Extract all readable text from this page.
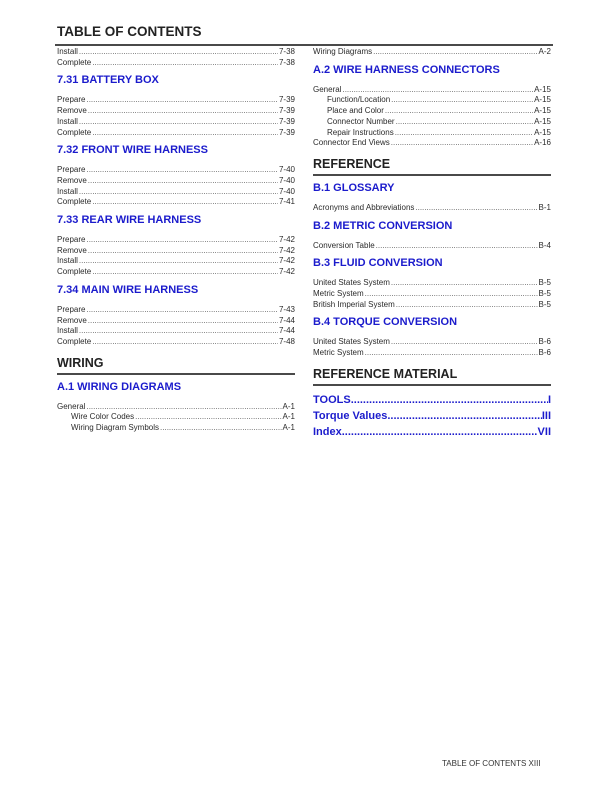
TABLE OF CONTENTS
Install .....	7-38
Complete .....	7-38
7.31 BATTERY BOX
Prepare .....	7-39
Remove .....	7-39
Install .....	7-39
Complete .....	7-39
7.32 FRONT WIRE HARNESS
Prepare .....	7-40
Remove .....	7-40
Install .....	7-40
Complete .....	7-41
7.33 REAR WIRE HARNESS
Prepare .....	7-42
Remove .....	7-42
Install .....	7-42
Complete .....	7-42
7.34 MAIN WIRE HARNESS
Prepare .....	7-43
Remove .....	7-44
Install .....	7-44
Complete .....	7-48
WIRING
A.1 WIRING DIAGRAMS
General .....	A-1
Wire Color Codes .....	A-1
Wiring Diagram Symbols .....	A-1
Wiring Diagrams .....	A-2
A.2 WIRE HARNESS CONNECTORS
General .....	A-15
Function/Location .....	A-15
Place and Color .....	A-15
Connector Number .....	A-15
Repair Instructions .....	A-15
Connector End Views .....	A-16
REFERENCE
B.1 GLOSSARY
Acronyms and Abbreviations .....	B-1
B.2 METRIC CONVERSION
Conversion Table .....	B-4
B.3 FLUID CONVERSION
United States System .....	B-5
Metric System .....	B-5
British Imperial System .....	B-5
B.4 TORQUE CONVERSION
United States System .....	B-6
Metric System .....	B-6
REFERENCE MATERIAL
TOOLS .....	I
Torque Values .....	III
Index .....	VII
TABLE OF CONTENTS XIII
